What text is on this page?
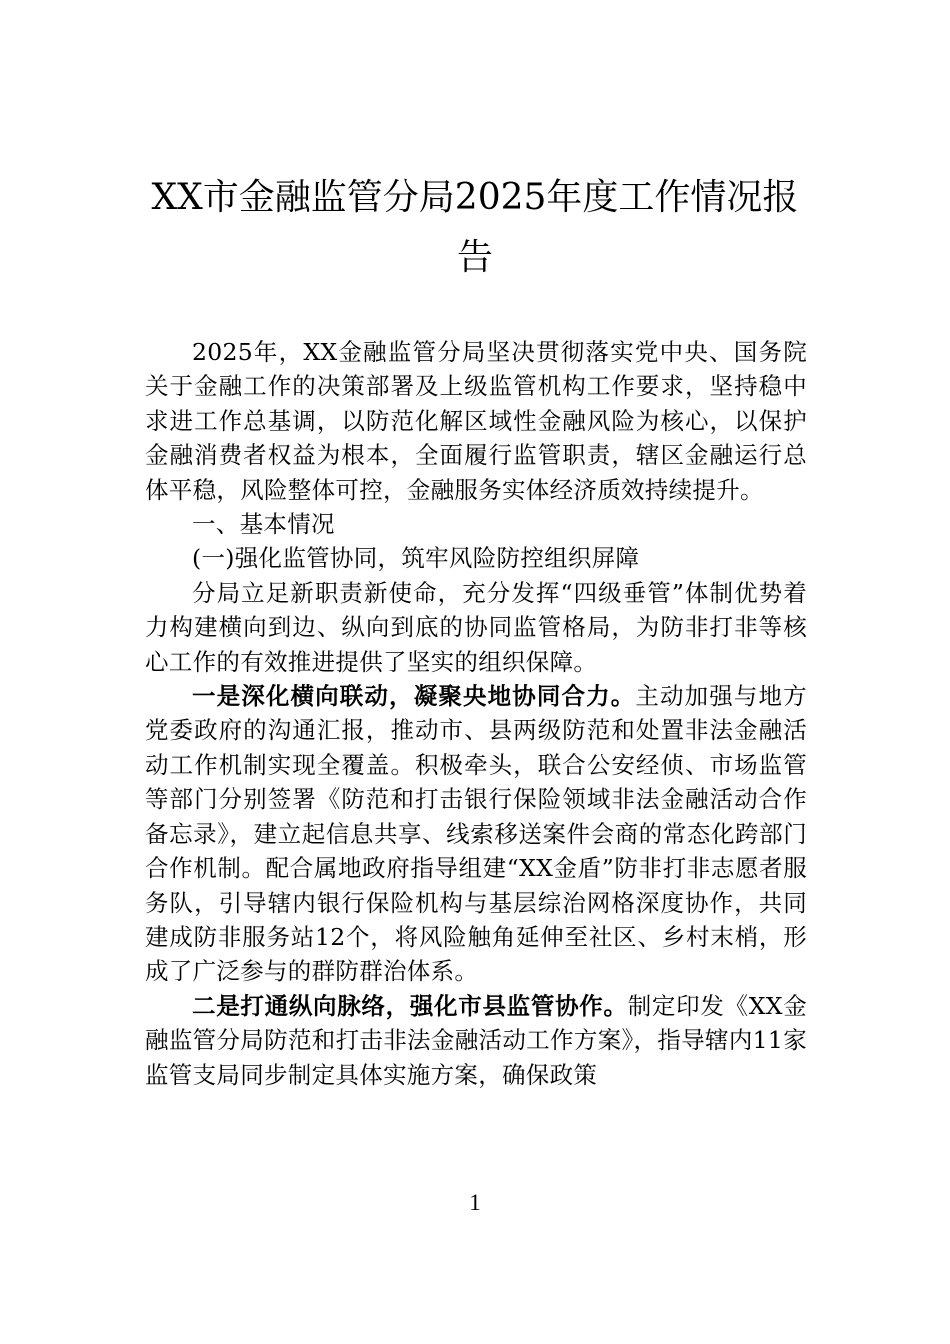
XX市金融监管分局2025年度工作情况报
告

2025年，XX金融监管分局坚决贯彻落实党中央、国务院关于金融工作的决策部署及上级监管机构工作要求，坚持稳中求进工作总基调，以防范化解区域性金融风险为核心，以保护金融消费者权益为根本，全面履行监管职责，辖区金融运行总体平稳，风险整体可控，金融服务实体经济质效持续提升。

一、基本情况

(一)强化监管协同，筑牢风险防控组织屏障

分局立足新职责新使命，充分发挥“四级垂管”体制优势着力构建横向到边、纵向到底的协同监管格局，为防非打非等核心工作的有效推进提供了坚实的组织保障。

一是深化横向联动，凝聚央地协同合力。主动加强与地方党委政府的沟通汇报，推动市、县两级防范和处置非法金融活动工作机制实现全覆盖。积极牵头，联合公安经侦、市场监管等部门分别签署《防范和打击银行保险领域非法金融活动合作备忘录》，建立起信息共享、线索移送案件会商的常态化跨部门合作机制。配合属地政府指导组建“XX金盾”防非打非志愿者服务队，引导辖内银行保险机构与基层综治网格深度协作，共同建成防非服务站12个，将风险触角延伸至社区、乡村末梢，形成了广泛参与的群防群治体系。

二是打通纵向脉络，强化市县监管协作。制定印发《XX金融监管分局防范和打击非法金融活动工作方案》，指导辖内11家监管支局同步制定具体实施方案，确保政策

1
